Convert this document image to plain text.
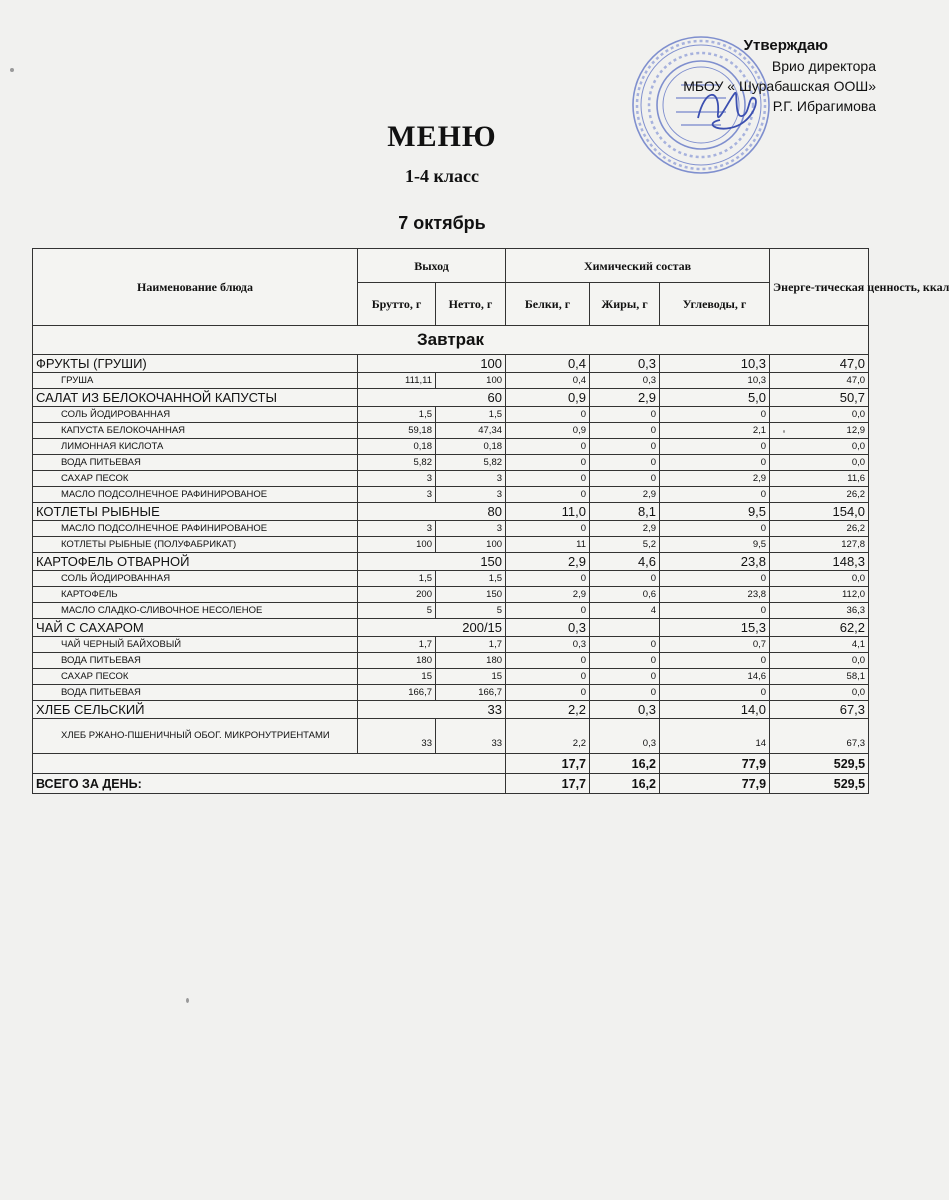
Утверждаю
Врио директора
МБОУ « Шурабашская ООШ»
Р.Г. Ибрагимова
МЕНЮ
1-4 класс
7 октябрь
Наименование блюда	Выход		Химический состав			Энерге-тическая ценность, ккал
	Брутто, г	Нетто, г	Белки, г	Жиры, г	Углеводы, г	
Завтрак						
ФРУКТЫ (ГРУШИ)	100		0,4	0,3	10,3	47,0
ГРУША	111,11	100	0,4	0,3	10,3	47,0
САЛАТ ИЗ БЕЛОКОЧАННОЙ КАПУСТЫ	60		0,9	2,9	5,0	50,7
СОЛЬ ЙОДИРОВАННАЯ	1,5	1,5	0	0	0	0,0
КАПУСТА БЕЛОКОЧАННАЯ	59,18	47,34	0,9	0	2,1	12,9
ЛИМОННАЯ КИСЛОТА	0,18	0,18	0	0	0	0,0
ВОДА ПИТЬЕВАЯ	5,82	5,82	0	0	0	0,0
САХАР ПЕСОК	3	3	0	0	2,9	11,6
МАСЛО ПОДСОЛНЕЧНОЕ РАФИНИРОВАНОЕ	3	3	0	2,9	0	26,2
КОТЛЕТЫ РЫБНЫЕ	80		11,0	8,1	9,5	154,0
МАСЛО ПОДСОЛНЕЧНОЕ РАФИНИРОВАНОЕ	3	3	0	2,9	0	26,2
КОТЛЕТЫ РЫБНЫЕ (ПОЛУФАБРИКАТ)	100	100	11	5,2	9,5	127,8
КАРТОФЕЛЬ ОТВАРНОЙ	150		2,9	4,6	23,8	148,3
СОЛЬ ЙОДИРОВАННАЯ	1,5	1,5	0	0	0	0,0
КАРТОФЕЛЬ	200	150	2,9	0,6	23,8	112,0
МАСЛО СЛАДКО-СЛИВОЧНОЕ НЕСОЛЕНОЕ	5	5	0	4	0	36,3
ЧАЙ С САХАРОМ	200/15		0,3		15,3	62,2
ЧАЙ ЧЕРНЫЙ БАЙХОВЫЙ	1,7	1,7	0,3	0	0,7	4,1
ВОДА ПИТЬЕВАЯ	180	180	0	0	0	0,0
САХАР ПЕСОК	15	15	0	0	14,6	58,1
ВОДА ПИТЬЕВАЯ	166,7	166,7	0	0	0	0,0
ХЛЕБ СЕЛЬСКИЙ	33		2,2	0,3	14,0	67,3
ХЛЕБ РЖАНО-ПШЕНИЧНЫЙ ОБОГ. МИКРОНУТРИЕНТАМИ	33	33	2,2	0,3	14	67,3
			17,7	16,2	77,9	529,5
ВСЕГО ЗА ДЕНЬ:			17,7	16,2	77,9	529,5
